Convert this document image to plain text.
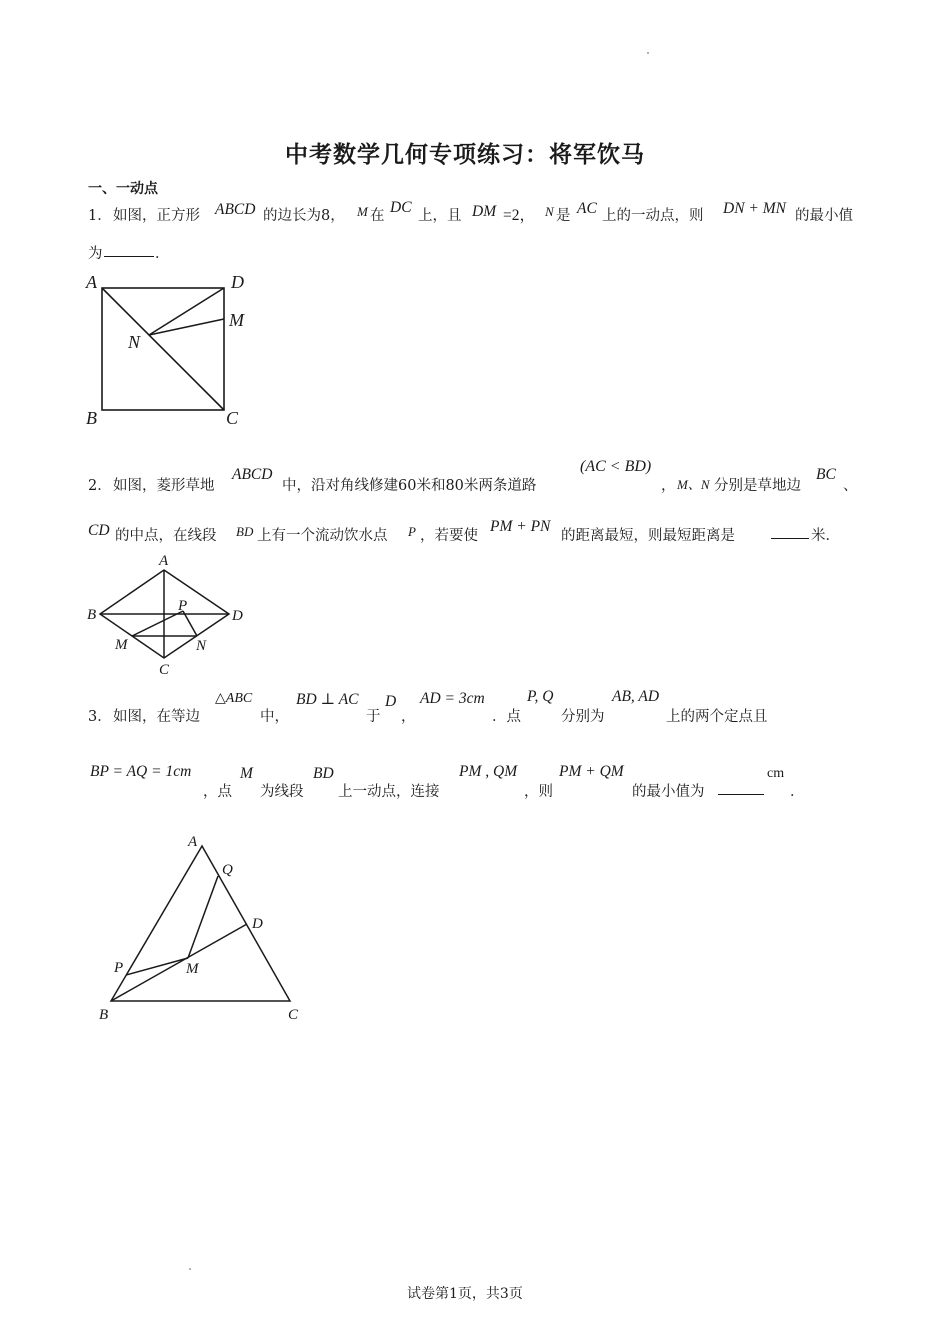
中考数学几何专项练习：将军饮马
一、一动点
1． 如图，正方形 ABCD 的边长为8， M 在 DC 上，且 DM =2， N 是 AC 上的一动点，则 DN + MN 的最小值
为	．
A	D
M
N
B	C
2． 如图，菱形草地
ABCD
中，沿对角线修建60米和80米两条道路
(AC < BD)
， M、N 分别是草地边
BC
、
CD 的中点，在线段 BD 上有一个流动饮水点 P ，若要使
PM + PN
的距离最短，则最短距离是	米．
A
B
P
D
M	N
C
3． 如图，在等边
△ABC
中，
BD ⊥ AC
于
D
，
AD = 3cm
．点
P, Q
分别为
AB, AD
上的两个定点且
BP = AQ = 1cm
，点
M
为线段
BD
上一动点，连接
PM , QM
，则
PM + QM
的最小值为
cm
．
A
Q
D
P	M
B	C
试卷第1页，共3页
